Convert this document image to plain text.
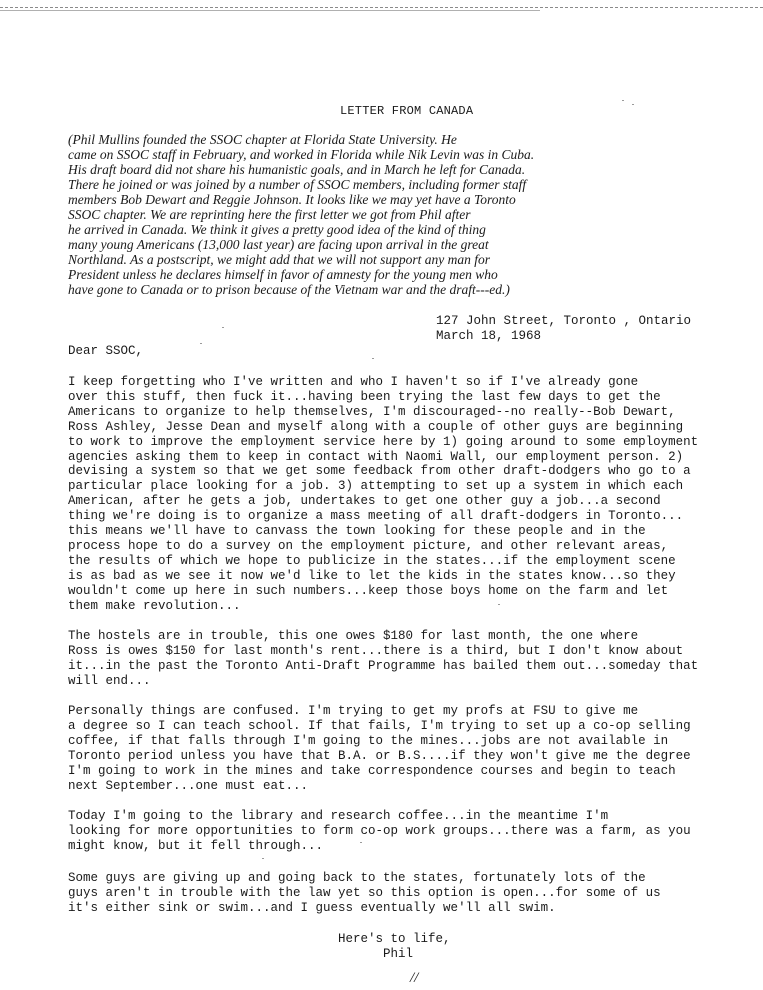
LETTER FROM CANADA

(Phil Mullins founded the SSOC chapter at Florida State University. He
came on SSOC staff in February, and worked in Florida while Nik Levin was in Cuba.
His draft board did not share his humanistic goals, and in March he left for Canada.
There he joined or was joined by a number of SSOC members, including former staff
members Bob Dewart and Reggie Johnson. It looks like we may yet have a Toronto
SSOC chapter. We are reprinting here the first letter we got from Phil after
he arrived in Canada. We think it gives a pretty good idea of the kind of thing
many young Americans (13,000 last year) are facing upon arrival in the great
Northland. As a postscript, we might add that we will not support any man for
President unless he declares himself in favor of amnesty for the young men who
have gone to Canada or to prison because of the Vietnam war and the draft---ed.)

127 John Street, Toronto , Ontario
March 18, 1968
Dear SSOC,

I keep forgetting who I've written and who I haven't so if I've already gone
over this stuff, then fuck it...having been trying the last few days to get the
Americans to organize to help themselves, I'm discouraged--no really--Bob Dewart,
Ross Ashley, Jesse Dean and myself along with a couple of other guys are beginning
to work to improve the employment service here by 1) going around to some employment
agencies asking them to keep in contact with Naomi Wall, our employment person. 2)
devising a system so that we get some feedback from other draft-dodgers who go to a
particular place looking for a job. 3) attempting to set up a system in which each
American, after he gets a job, undertakes to get one other guy a job...a second
thing we're doing is to organize a mass meeting of all draft-dodgers in Toronto...
this means we'll have to canvass the town looking for these people and in the
process hope to do a survey on the employment picture, and other relevant areas,
the results of which we hope to publicize in the states...if the employment scene
is as bad as we see it now we'd like to let the kids in the states know...so they
wouldn't come up here in such numbers...keep those boys home on the farm and let
them make revolution...

The hostels are in trouble, this one owes $180 for last month, the one where
Ross is owes $150 for last month's rent...there is a third, but I don't know about
it...in the past the Toronto Anti-Draft Programme has bailed them out...someday that
will end...

Personally things are confused. I'm trying to get my profs at FSU to give me
a degree so I can teach school. If that fails, I'm trying to set up a co-op selling
coffee, if that falls through I'm going to the mines...jobs are not available in
Toronto period unless you have that B.A. or B.S....if they won't give me the degree
I'm going to work in the mines and take correspondence courses and begin to teach
next September...one must eat...

Today I'm going to the library and research coffee...in the meantime I'm
looking for more opportunities to form co-op work groups...there was a farm, as you
might know, but it fell through...

Some guys are giving up and going back to the states, fortunately lots of the
guys aren't in trouble with the law yet so this option is open...for some of us
it's either sink or swim...and I guess eventually we'll all swim.

Here's to life,
Phil
//
